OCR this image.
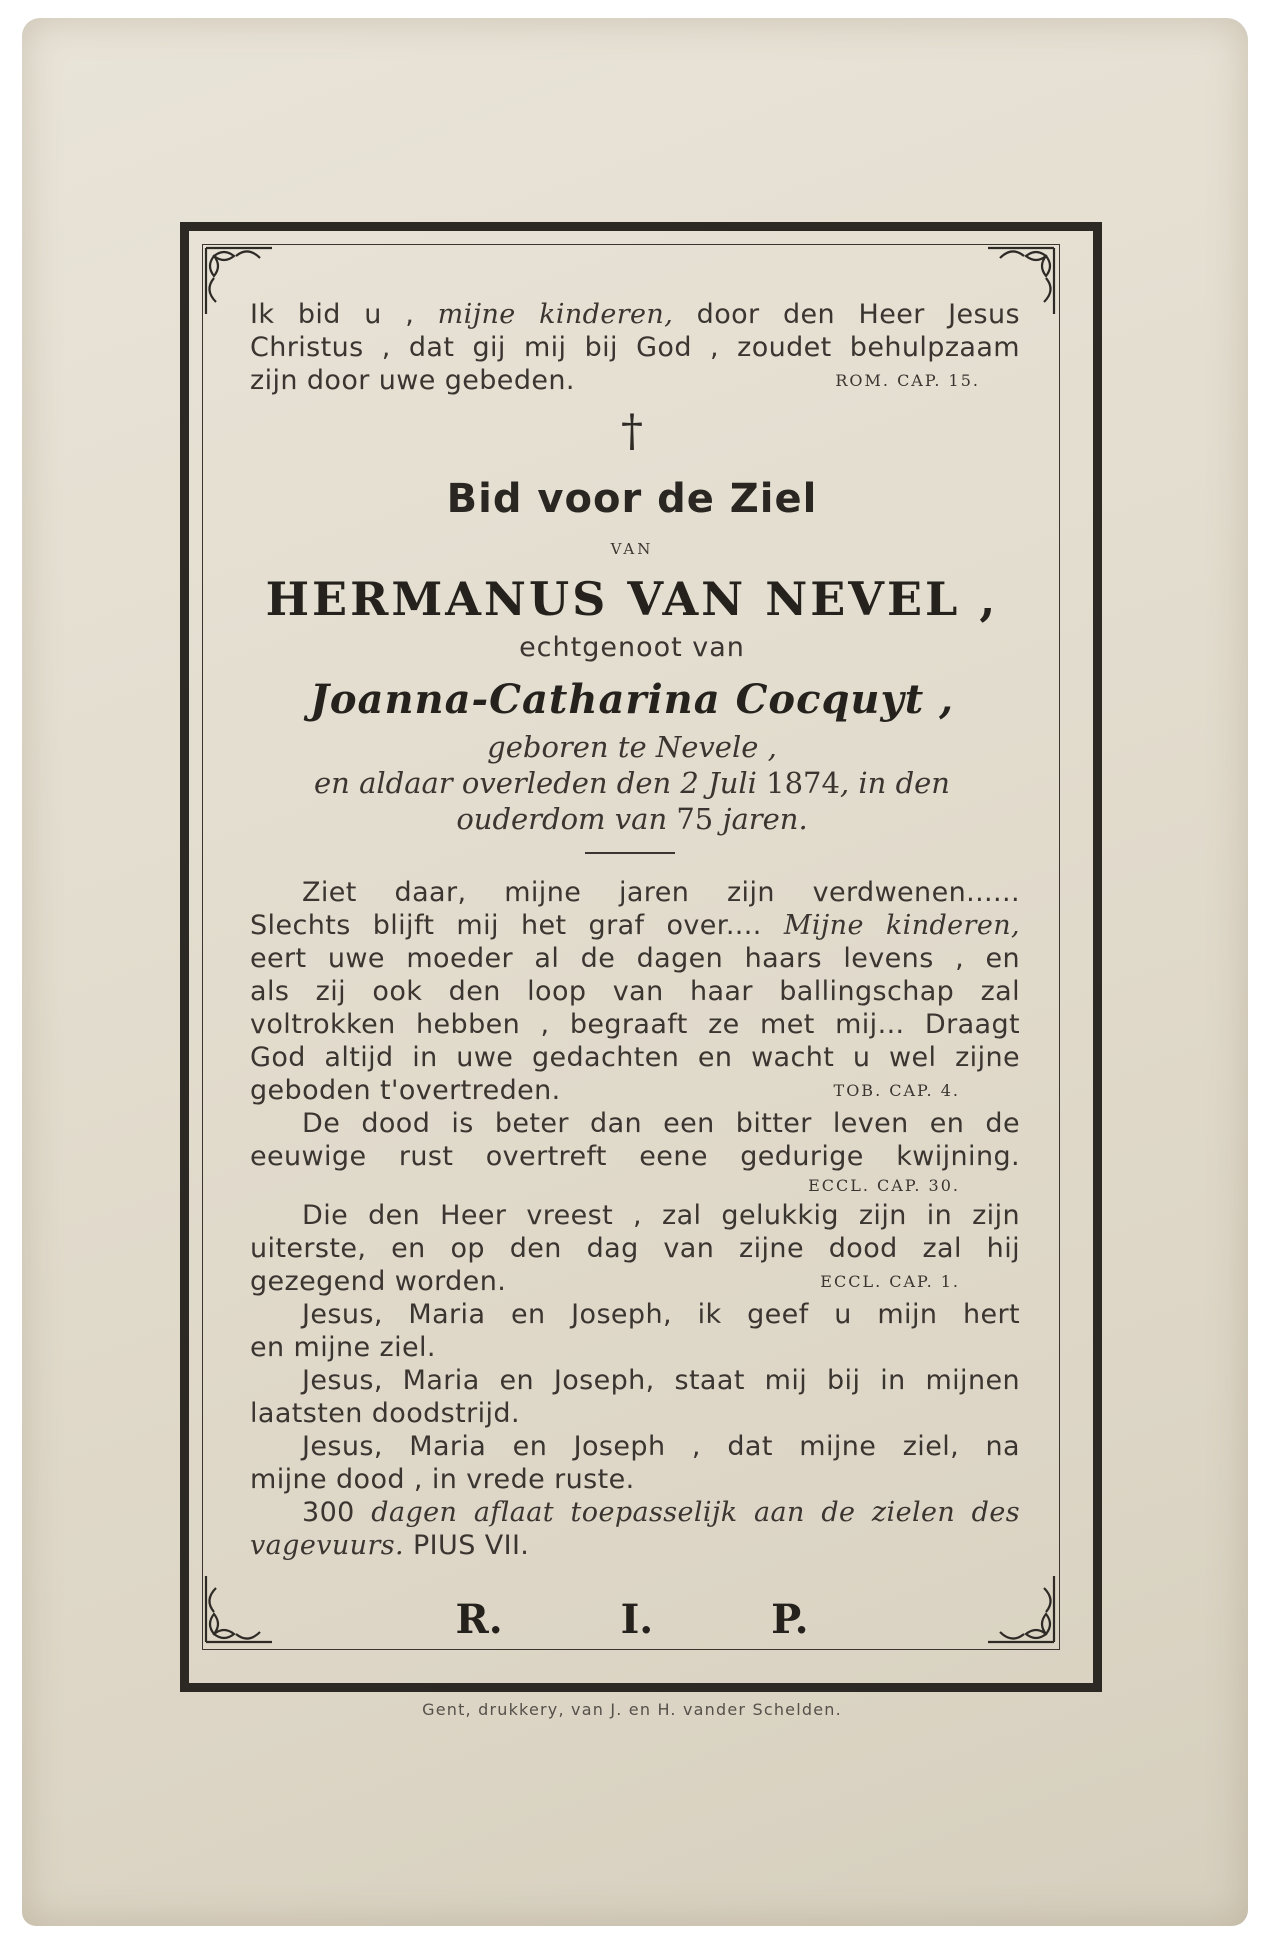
Ik bid u , mijne kinderen, door den Heer Jesus
Christus , dat gij mij bij God , zoudet behulpzaam
zijn door uwe gebeden.	ROM. CAP. 15.
†
Bid voor de Ziel
VAN
HERMANUS VAN NEVEL ,
echtgenoot van
Joanna-Catharina Cocquyt ,
geboren te Nevele ,
en aldaar overleden den 2 Juli 1874, in den
ouderdom van 75 jaren.
Ziet daar, mijne jaren zijn verdwenen......
Slechts blijft mij het graf over.... Mijne kinderen,
eert uwe moeder al de dagen haars levens , en
als zij ook den loop van haar ballingschap zal
voltrokken hebben , begraaft ze met mij... Draagt
God altijd in uwe gedachten en wacht u wel zijne
geboden t'overtreden.	TOB. CAP. 4.
De dood is beter dan een bitter leven en de
eeuwige rust overtreft eene gedurige kwijning.
ECCL. CAP. 30.
Die den Heer vreest , zal gelukkig zijn in zijn
uiterste, en op den dag van zijne dood zal hij
gezegend worden.	ECCL. CAP. 1.
Jesus, Maria en Joseph, ik geef u mijn hert
en mijne ziel.
Jesus, Maria en Joseph, staat mij bij in mijnen
laatsten doodstrijd.
Jesus, Maria en Joseph , dat mijne ziel, na
mijne dood , in vrede ruste.
300 dagen aflaat toepasselijk aan de zielen des
vagevuurs. PIUS VII.
R.	I.	P.
Gent, drukkery, van J. en H. vander Schelden.
